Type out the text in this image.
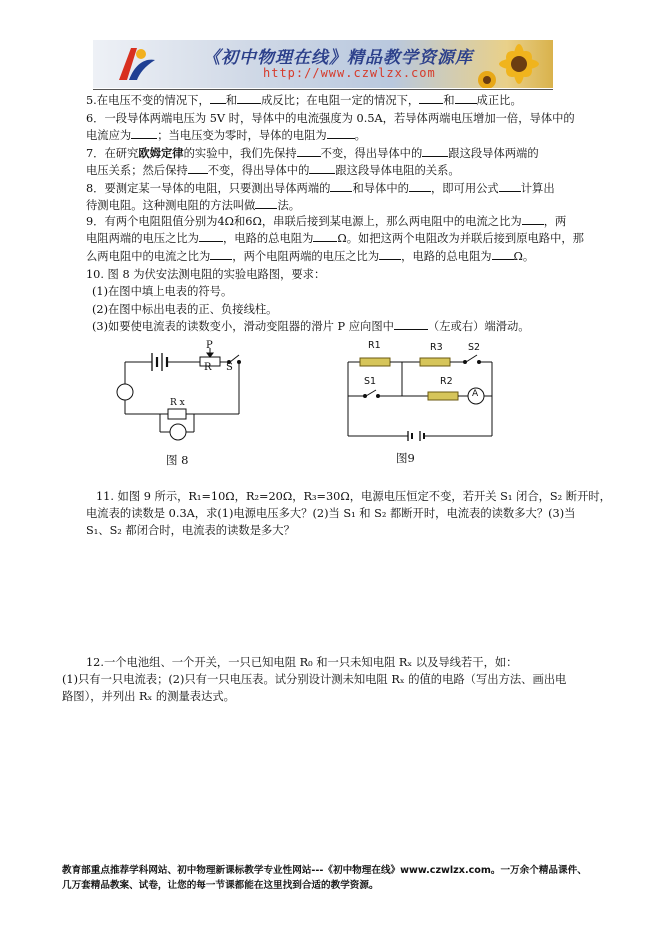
《初中物理在线》精品教学资源库
http://www.czwlzx.com
5.在电压不变的情况下， 和 成反比；在电阻一定的情况下， 和 成正比。
6．一段导体两端电压为 5V 时，导体中的电流强度为 0.5A，若导体两端电压增加一倍，导体中的
电流应为 ；当电压变为零时，导体的电阻为 。
7．在研究欧姆定律的实验中，我们先保持 不变，得出导体中的 跟这段导体两端的
电压关系；然后保持 不变，得出导体中的 跟这段导体电阻的关系。
8．要测定某一导体的电阻，只要测出导体两端的 和导体中的 ，即可用公式 计算出
待测电阻。这种测电阻的方法叫做 法。
9．有两个电阻阻值分别为4Ω和6Ω，串联后接到某电源上，那么两电阻中的电流之比为 ，两
电阻两端的电压之比为 ，电路的总电阻为 Ω。如把这两个电阻改为并联后接到原电路中，那
么两电阻中的电流之比为 ，两个电阻两端的电压之比为 ，电路的总电阻为 Ω。
10. 图 8 为伏安法测电阻的实验电路图，要求：
(1)在图中填上电表的符号。
(2)在图中标出电表的正、负接线柱。
(3)如要使电流表的读数变小，滑动变阻器的滑片 P 应向图中	（左或右）端滑动。
P
R S
R x
图 8
R1	R3	S2
S1	R2
A
图9
11. 如图 9 所示，R₁=10Ω，R₂=20Ω，R₃=30Ω，电源电压恒定不变，若开关 S₁ 闭合，S₂ 断开时，
电流表的读数是 0.3A，求(1)电源电压多大？(2)当 S₁ 和 S₂ 都断开时，电流表的读数多大？(3)当
S₁、S₂ 都闭合时，电流表的读数是多大？
12.一个电池组、一个开关，一只已知电阻 R₀ 和一只未知电阻 Rₓ 以及导线若干，如：
(1)只有一只电流表；(2)只有一只电压表。试分别设计测未知电阻 Rₓ 的值的电路（写出方法、画出电
路图），并列出 Rₓ 的测量表达式。
教育部重点推荐学科网站、初中物理新课标教学专业性网站---《初中物理在线》www.czwlzx.com。一万余个精品课件、
几万套精品教案、试卷，让您的每一节课都能在这里找到合适的教学资源。
